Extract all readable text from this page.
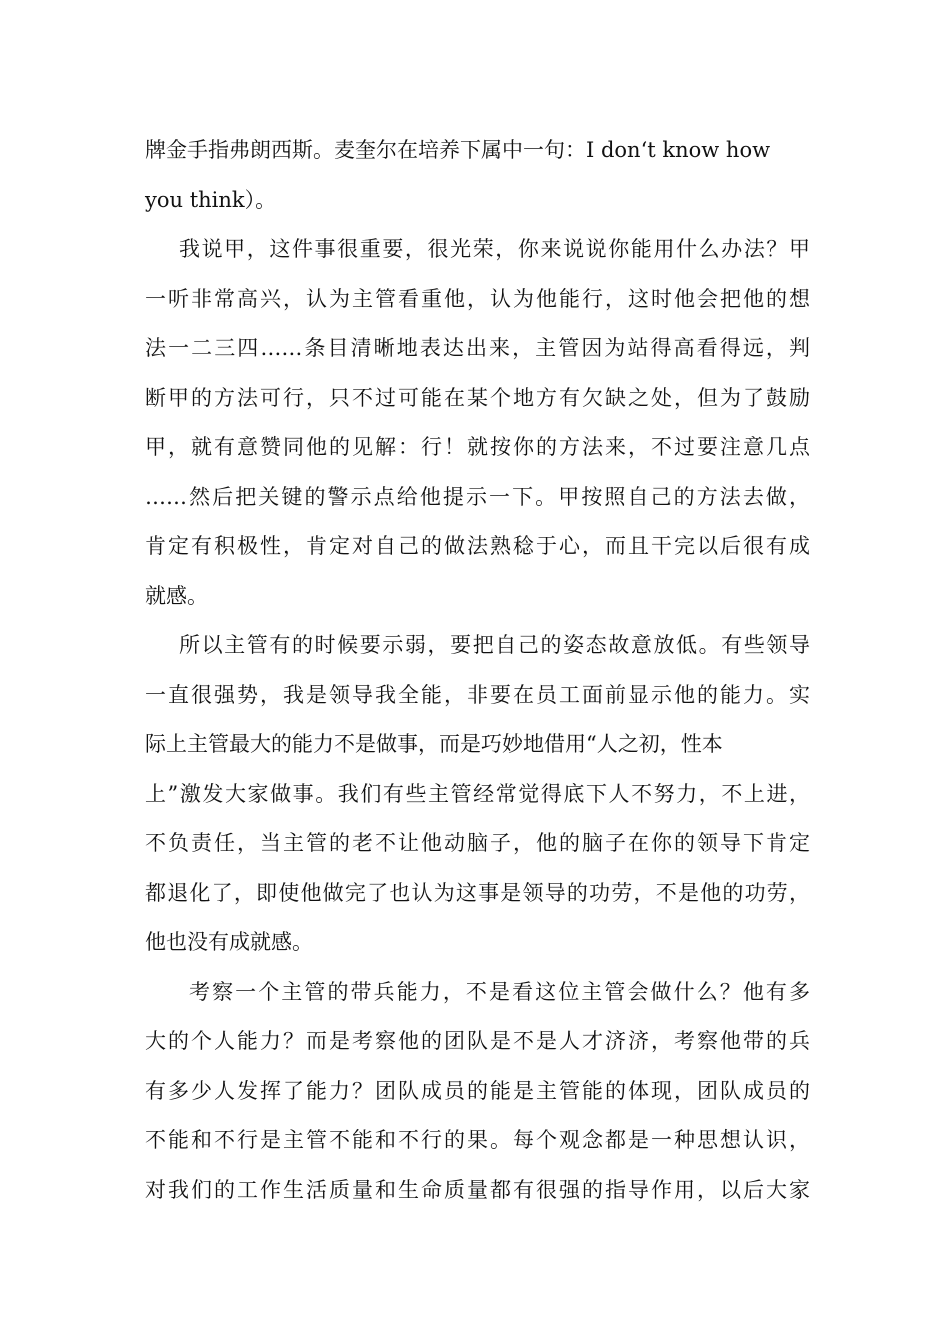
牌金手指弗朗西斯。麦奎尔在培养下属中一句：I don‘t know how
you think）。
我说甲，这件事很重要，很光荣，你来说说你能用什么办法？甲
一听非常高兴，认为主管看重他，认为他能行，这时他会把他的想
法一二三四……条目清晰地表达出来，主管因为站得高看得远，判
断甲的方法可行，只不过可能在某个地方有欠缺之处，但为了鼓励
甲，就有意赞同他的见解：行！就按你的方法来，不过要注意几点
……然后把关键的警示点给他提示一下。甲按照自己的方法去做，
肯定有积极性，肯定对自己的做法熟稔于心，而且干完以后很有成
就感。
所以主管有的时候要示弱，要把自己的姿态故意放低。有些领导
一直很强势，我是领导我全能，非要在员工面前显示他的能力。实
际上主管最大的能力不是做事，而是巧妙地借用“人之初，性本
上”激发大家做事。我们有些主管经常觉得底下人不努力，不上进，
不负责任，当主管的老不让他动脑子，他的脑子在你的领导下肯定
都退化了，即使他做完了也认为这事是领导的功劳，不是他的功劳，
他也没有成就感。
考察一个主管的带兵能力，不是看这位主管会做什么？他有多
大的个人能力？而是考察他的团队是不是人才济济，考察他带的兵
有多少人发挥了能力？团队成员的能是主管能的体现，团队成员的
不能和不行是主管不能和不行的果。每个观念都是一种思想认识，
对我们的工作生活质量和生命质量都有很强的指导作用，以后大家
